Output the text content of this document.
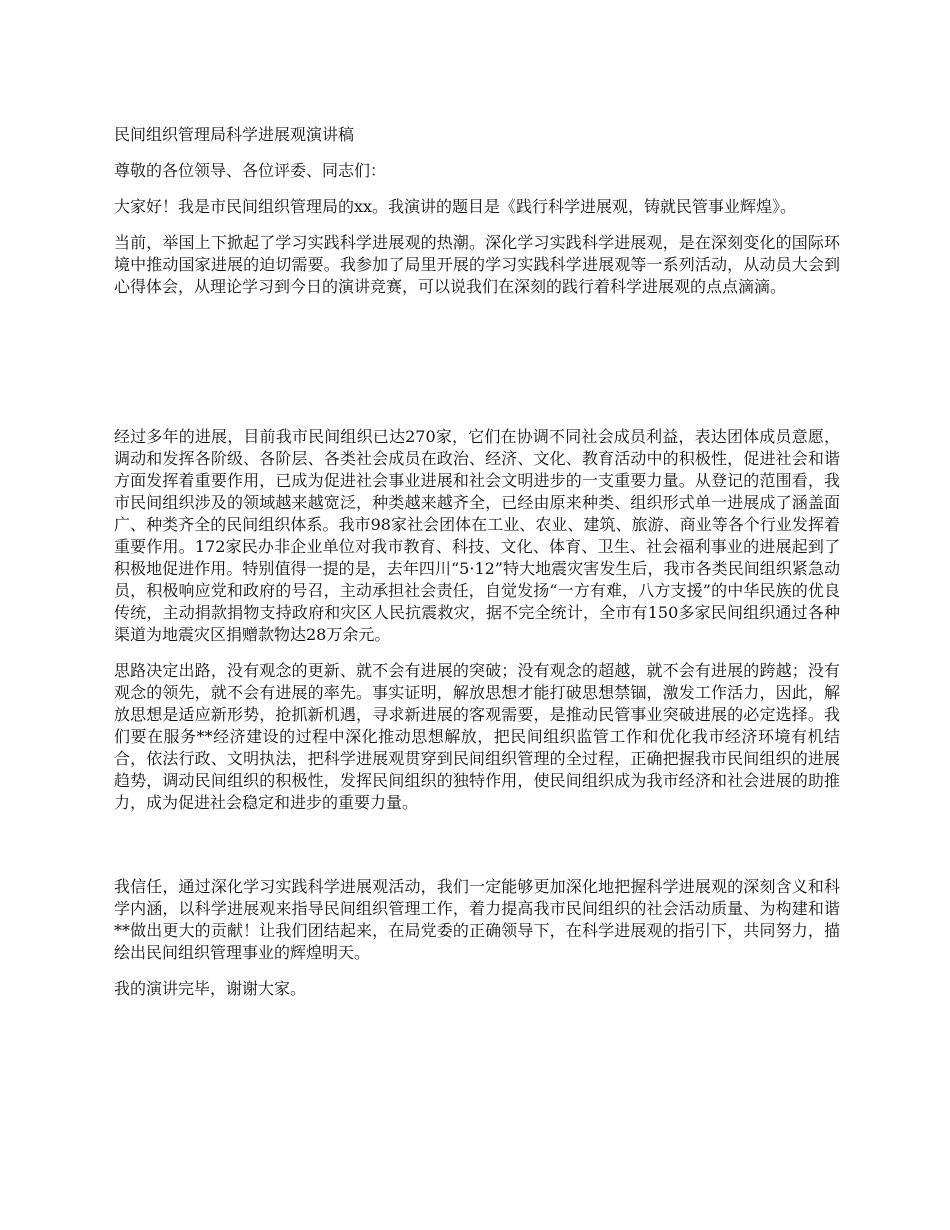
民间组织管理局科学进展观演讲稿

尊敬的各位领导、各位评委、同志们：

大家好！我是市民间组织管理局的xx。我演讲的题目是《践行科学进展观，铸就民管事业辉煌》。

当前，举国上下掀起了学习实践科学进展观的热潮。深化学习实践科学进展观，是在深刻变化的国际环境中推动国家进展的迫切需要。我参加了局里开展的学习实践科学进展观等一系列活动，从动员大会到心得体会，从理论学习到今日的演讲竞赛，可以说我们在深刻的践行着科学进展观的点点滴滴。

经过多年的进展，目前我市民间组织已达270家，它们在协调不同社会成员利益，表达团体成员意愿，调动和发挥各阶级、各阶层、各类社会成员在政治、经济、文化、教育活动中的积极性，促进社会和谐方面发挥着重要作用，已成为促进社会事业进展和社会文明进步的一支重要力量。从登记的范围看，我市民间组织涉及的领域越来越宽泛，种类越来越齐全，已经由原来种类、组织形式单一进展成了涵盖面广、种类齐全的民间组织体系。我市98家社会团体在工业、农业、建筑、旅游、商业等各个行业发挥着重要作用。172家民办非企业单位对我市教育、科技、文化、体育、卫生、社会福利事业的进展起到了积极地促进作用。特别值得一提的是，去年四川“5·12”特大地震灾害发生后，我市各类民间组织紧急动员，积极响应党和政府的号召，主动承担社会责任，自觉发扬“一方有难，八方支援”的中华民族的优良传统，主动捐款捐物支持政府和灾区人民抗震救灾，据不完全统计，全市有150多家民间组织通过各种渠道为地震灾区捐赠款物达28万余元。

思路决定出路，没有观念的更新、就不会有进展的突破；没有观念的超越，就不会有进展的跨越；没有观念的领先，就不会有进展的率先。事实证明，解放思想才能打破思想禁锢，激发工作活力，因此，解放思想是适应新形势，抢抓新机遇，寻求新进展的客观需要，是推动民管事业突破进展的必定选择。我们要在服务**经济建设的过程中深化推动思想解放，把民间组织监管工作和优化我市经济环境有机结合，依法行政、文明执法，把科学进展观贯穿到民间组织管理的全过程，正确把握我市民间组织的进展趋势，调动民间组织的积极性，发挥民间组织的独特作用，使民间组织成为我市经济和社会进展的助推力，成为促进社会稳定和进步的重要力量。

我信任，通过深化学习实践科学进展观活动，我们一定能够更加深化地把握科学进展观的深刻含义和科学内涵，以科学进展观来指导民间组织管理工作，着力提高我市民间组织的社会活动质量、为构建和谐**做出更大的贡献！让我们团结起来，在局党委的正确领导下，在科学进展观的指引下，共同努力，描绘出民间组织管理事业的辉煌明天。

我的演讲完毕，谢谢大家。
